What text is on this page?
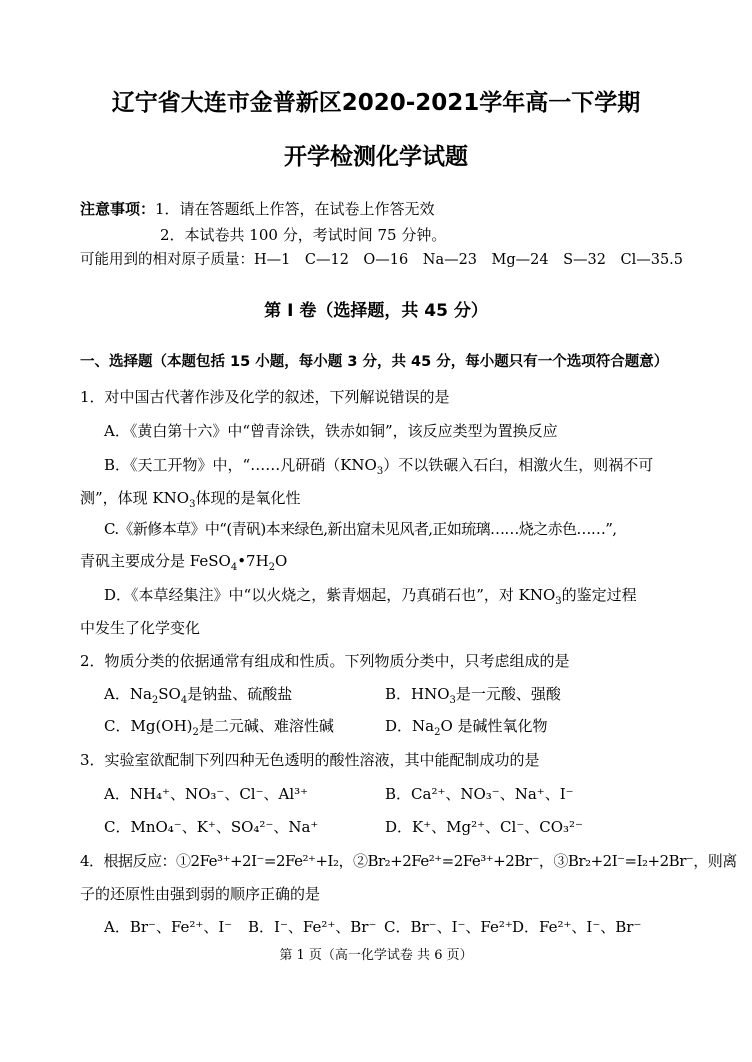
辽宁省大连市金普新区2020-2021学年高一下学期
开学检测化学试题
注意事项：1．请在答题纸上作答，在试卷上作答无效
2．本试卷共 100 分，考试时间 75 分钟。
可能用到的相对原子质量：H—1　C—12　O—16　Na—23　Mg—24　S—32　Cl—35.5
第 I 卷（选择题，共 45 分）
一、选择题（本题包括 15 小题，每小题 3 分，共 45 分，每小题只有一个选项符合题意）
1．对中国古代著作涉及化学的叙述，下列解说错误的是
A．《黄白第十六》中“曾青涂铁，铁赤如铜”，该反应类型为置换反应
B．《天工开物》中，“……凡研硝$(KNO_3)$不以铁碾入石臼，相激火生，则祸不可
测”，体现 $KNO_3$体现的是氧化性
C.《新修本草》中“(青矾)本来绿色,新出窟未见风者,正如琉璃……烧之赤色……”,
青矾主要成分是 $FeSO_4•7H_2O$
D．《本草经集注》中“以火烧之，紫青烟起，乃真硝石也”，对 $KNO_3$的鉴定过程
中发生了化学变化
2．物质分类的依据通常有组成和性质。下列物质分类中，只考虑组成的是
A．$Na_2SO_4$是钠盐、硫酸盐	B．$HNO_3$是一元酸、强酸
C．$Mg(OH)_2$是二元碱、难溶性碱	D．$Na_2O$ 是碱性氧化物
3．实验室欲配制下列四种无色透明的酸性溶液，其中能配制成功的是
A．NH₄⁺、NO₃⁻、Cl⁻、Al³⁺	B．Ca²⁺、NO₃⁻、Na⁺、I⁻
C．MnO₄⁻、K⁺、SO₄²⁻、Na⁺	D．K⁺、Mg²⁺、Cl⁻、CO₃²⁻
4．根据反应：①2Fe³⁺+2I⁻=2Fe²⁺+I₂，②Br₂+2Fe²⁺=2Fe³⁺+2Br⁻，③Br₂+2I⁻=I₂+2Br⁻，则离
子的还原性由强到弱的顺序正确的是
A．Br⁻、Fe²⁺、I⁻ B．I⁻、Fe²⁺、Br⁻ C．Br⁻、I⁻、Fe²⁺ D．Fe²⁺、I⁻、Br⁻
第 1 页（高一化学试卷 共 6 页）
